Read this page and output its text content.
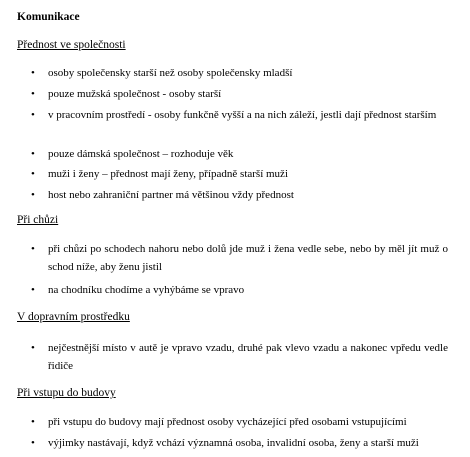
Komunikace
Přednost ve společnosti
• osoby společensky starší než osoby společensky mladší
• pouze mužská společnost - osoby starší
• v pracovním prostředí - osoby funkčně vyšší a na nich záleží, jestli dají přednost starším
• pouze dámská společnost – rozhoduje věk
• muži i ženy – přednost mají ženy, případně starší muži
• host nebo zahraniční partner má většinou vždy přednost
Při chůzi
• při chůzi po schodech nahoru nebo dolů jde muž i žena vedle sebe, nebo by měl jít muž o schod níže, aby ženu jistil
• na chodníku chodíme a vyhýbáme se vpravo
V dopravním prostředku
• nejčestnější místo v autě je vpravo vzadu, druhé pak vlevo vzadu a nakonec vpředu vedle řidiče
Při vstupu do budovy
• při vstupu do budovy mají přednost osoby vycházející před osobami vstupujícími
• výjimky nastávají, když vchází významná osoba, invalidní osoba, ženy a starší muži
